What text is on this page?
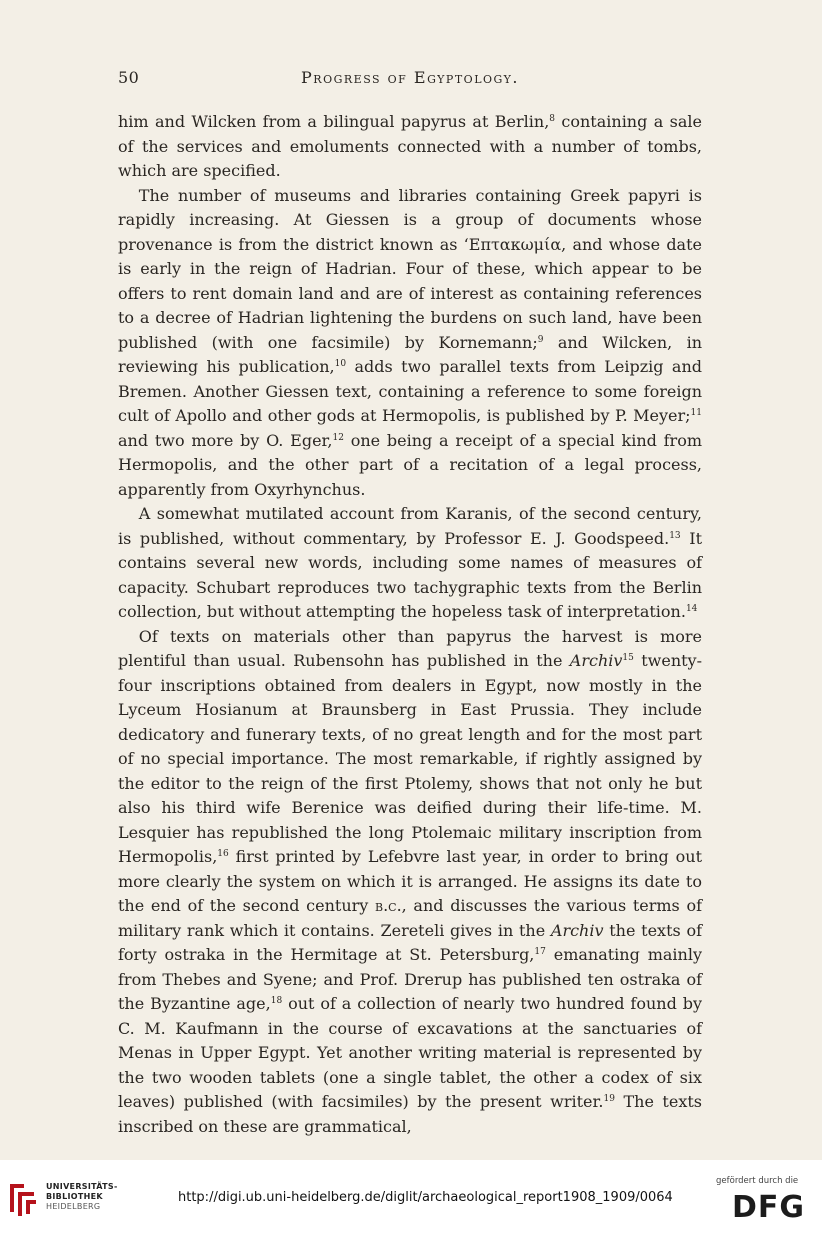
50	Progress of Egyptology.

him and Wilcken from a bilingual papyrus at Berlin,$^8$ containing a sale of the services and emoluments connected with a number of tombs, which are specified.

The number of museums and libraries containing Greek papyri is rapidly increasing. At Giessen is a group of documents whose provenance is from the district known as ‘Επτακωμία, and whose date is early in the reign of Hadrian. Four of these, which appear to be offers to rent domain land and are of interest as containing references to a decree of Hadrian lightening the burdens on such land, have been published (with one facsimile) by Kornemann;$^9$ and Wilcken, in reviewing his publication,$^{10}$ adds two parallel texts from Leipzig and Bremen. Another Giessen text, containing a reference to some foreign cult of Apollo and other gods at Hermopolis, is published by P. Meyer;$^{11}$ and two more by O. Eger,$^{12}$ one being a receipt of a special kind from Hermopolis, and the other part of a recitation of a legal process, apparently from Oxyrhynchus.

A somewhat mutilated account from Karanis, of the second century, is published, without commentary, by Professor E. J. Goodspeed.$^{13}$ It contains several new words, including some names of measures of capacity. Schubart reproduces two tachygraphic texts from the Berlin collection, but without attempting the hopeless task of interpretation.$^{14}$

Of texts on materials other than papyrus the harvest is more plentiful than usual. Rubensohn has published in the Archiv$^{15}$ twenty-four inscriptions obtained from dealers in Egypt, now mostly in the Lyceum Hosianum at Braunsberg in East Prussia. They include dedicatory and funerary texts, of no great length and for the most part of no special importance. The most remarkable, if rightly assigned by the editor to the reign of the first Ptolemy, shows that not only he but also his third wife Berenice was deified during their life-time. M. Lesquier has republished the long Ptolemaic military inscription from Hermopolis,$^{16}$ first printed by Lefebvre last year, in order to bring out more clearly the system on which it is arranged. He assigns its date to the end of the second century b.c., and discusses the various terms of military rank which it contains. Zereteli gives in the Archiv the texts of forty ostraka in the Hermitage at St. Petersburg,$^{17}$ emanating mainly from Thebes and Syene; and Prof. Drerup has published ten ostraka of the Byzantine age,$^{18}$ out of a collection of nearly two hundred found by C. M. Kaufmann in the course of excavations at the sanctuaries of Menas in Upper Egypt. Yet another writing material is represented by the two wooden tablets (one a single tablet, the other a codex of six leaves) published (with facsimiles) by the present writer.$^{19}$ The texts inscribed on these are grammatical,

UNIVERSITÄTS-
BIBLIOTHEK
HEIDELBERG
http://digi.ub.uni-heidelberg.de/diglit/archaeological_report1908_1909/0064
gefördert durch die
DFG
